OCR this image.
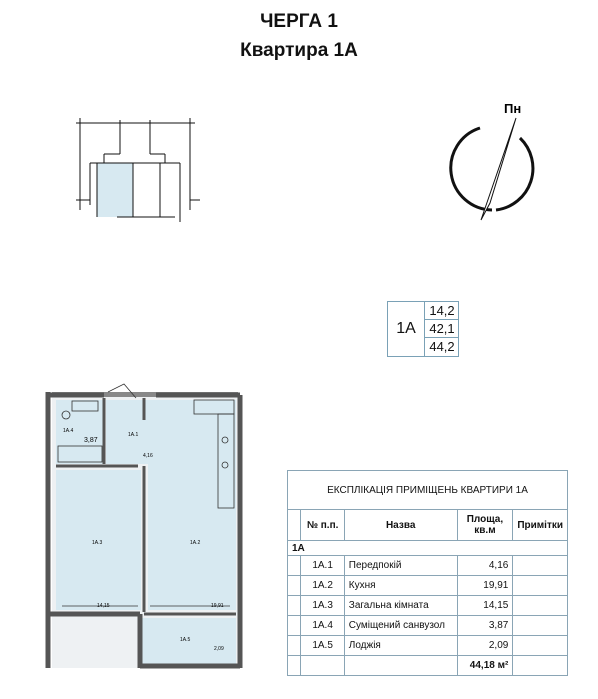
ЧЕРГА 1
Квартира 1А
Пн
3,87
4,16
14,15	19,91
2,09
1А.4
1А.1
1А.3	1А.2
1А.5
1А
14,2
42,1
44,2
ЕКСПЛІКАЦІЯ ПРИМІЩЕНЬ КВАРТИРИ 1А				
	№ п.п.	Назва	Площа, кв.м	Примітки
1А				
	1А.1	Передпокій	4,16	
	1А.2	Кухня	19,91	
	1А.3	Загальна кімната	14,15	
	1А.4	Суміщений санвузол	3,87	
	1А.5	Лоджія	2,09	
			44,18 м²	
